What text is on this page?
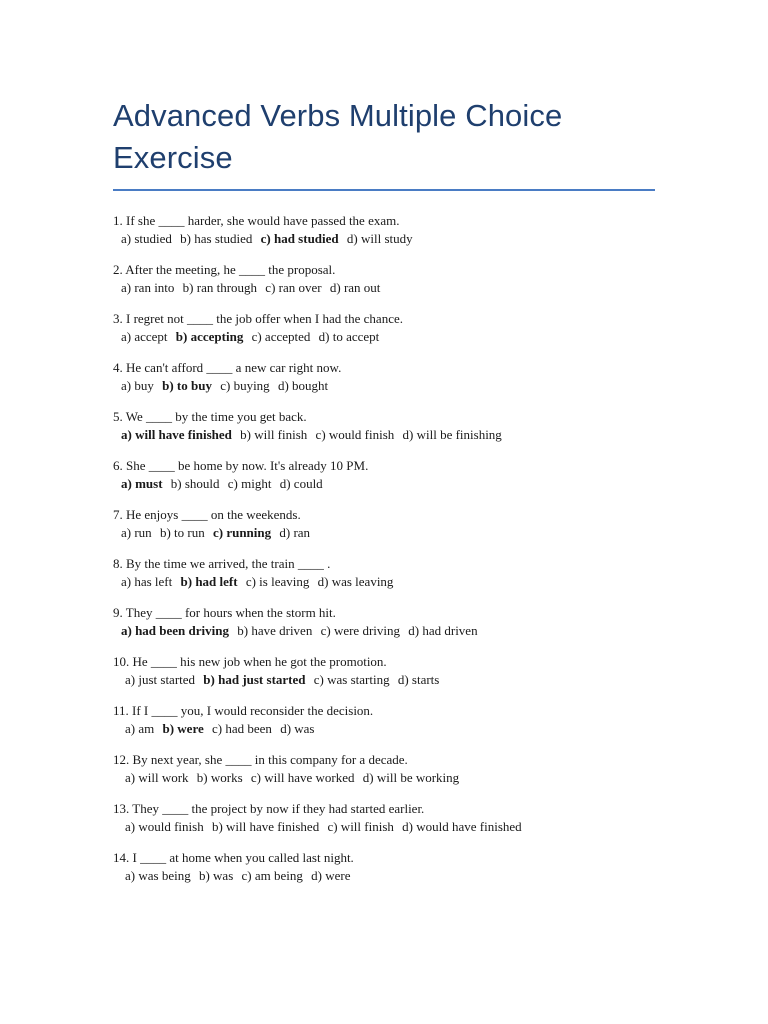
Advanced Verbs Multiple Choice Exercise
1. If she ____ harder, she would have passed the exam.
a) studied b) has studied c) had studied d) will study
2. After the meeting, he ____ the proposal.
a) ran into b) ran through c) ran over d) ran out
3. I regret not ____ the job offer when I had the chance.
a) accept b) accepting c) accepted d) to accept
4. He can't afford ____ a new car right now.
a) buy b) to buy c) buying d) bought
5. We ____ by the time you get back.
a) will have finished b) will finish c) would finish d) will be finishing
6. She ____ be home by now. It's already 10 PM.
a) must b) should c) might d) could
7. He enjoys ____ on the weekends.
a) run b) to run c) running d) ran
8. By the time we arrived, the train ____ .
a) has left b) had left c) is leaving d) was leaving
9. They ____ for hours when the storm hit.
a) had been driving b) have driven c) were driving d) had driven
10. He ____ his new job when he got the promotion.
a) just started b) had just started c) was starting d) starts
11. If I ____ you, I would reconsider the decision.
a) am b) were c) had been d) was
12. By next year, she ____ in this company for a decade.
a) will work b) works c) will have worked d) will be working
13. They ____ the project by now if they had started earlier.
a) would finish b) will have finished c) will finish d) would have finished
14. I ____ at home when you called last night.
a) was being b) was c) am being d) were
